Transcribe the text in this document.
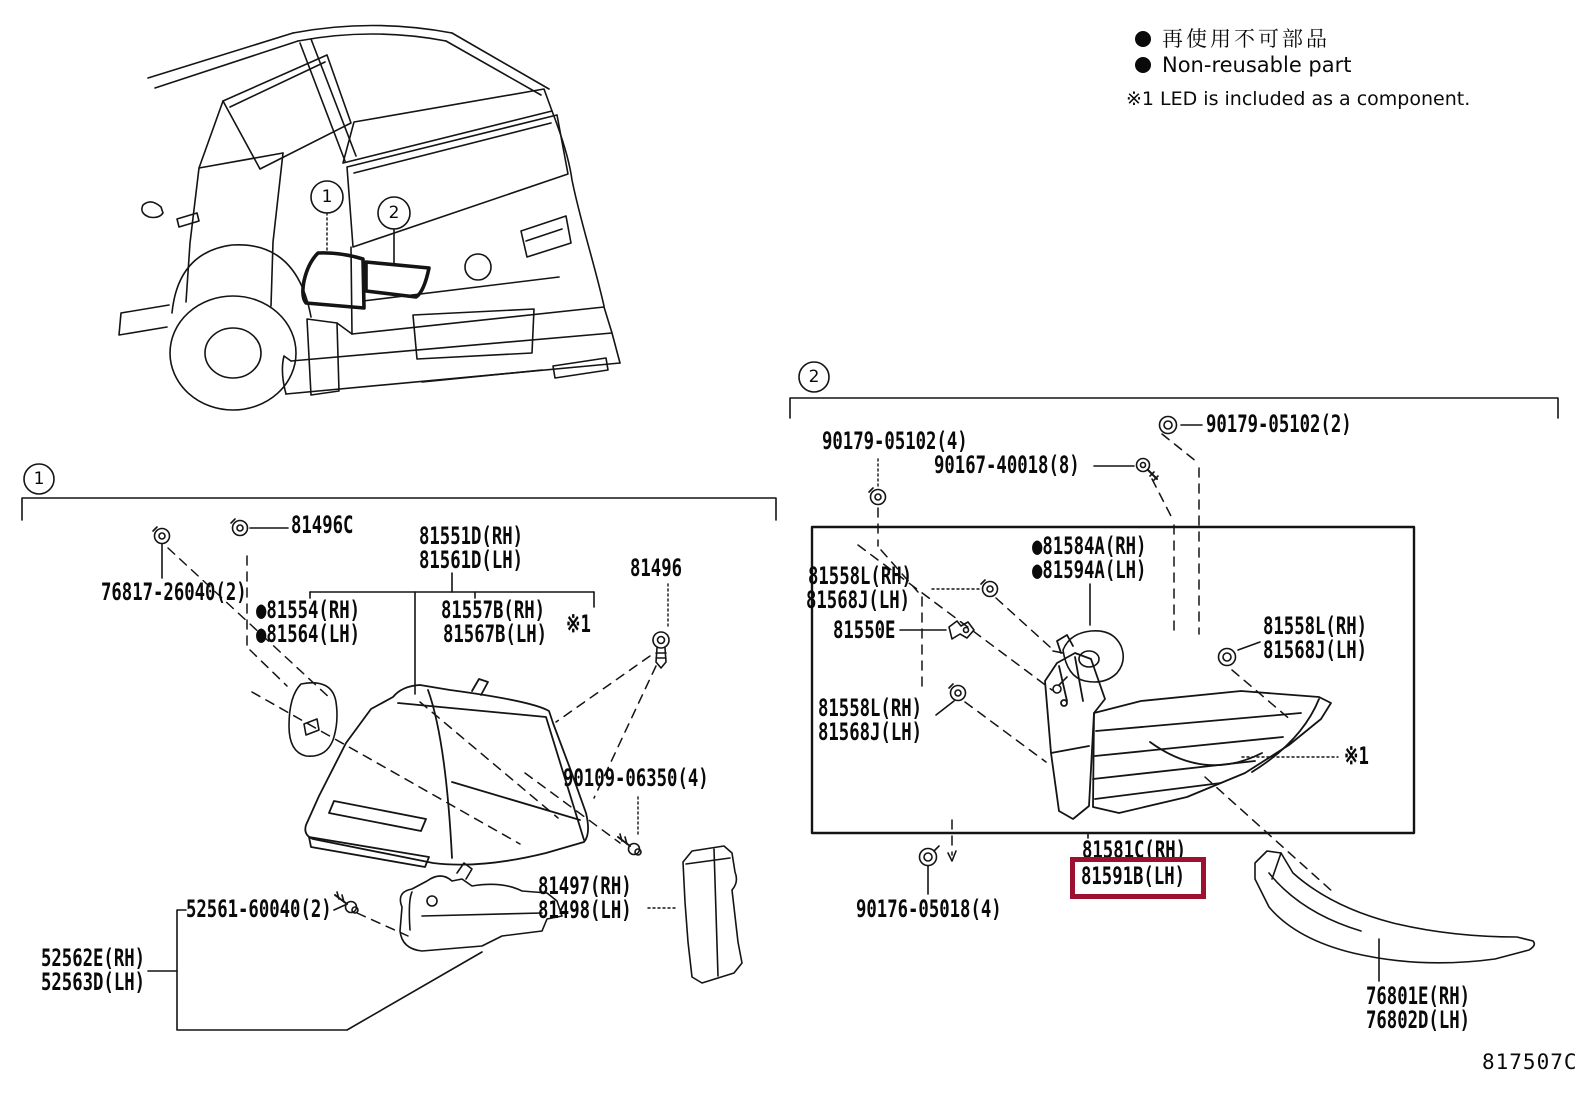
再使用不可部品
Non-reusable part
※1 LED is included as a component.
1
2
1
2
81496C
76817-26040(2)
81551D(RH)
81561D(LH)
●81554(RH)
●81564(LH)
81557B(RH)
81567B(LH) ※1
81496
90109-06350(4)
81497(RH)
81498(LH)
52561-60040(2)
52562E(RH)
52563D(LH)
90179-05102(4)
90167-40018(8)
90179-05102(2)
81558L(RH)
81568J(LH)
81550E
●81584A(RH)
●81594A(LH)
81558L(RH)
81568J(LH)
81558L(RH)
81568J(LH)
※1
81581C(RH)
81591B(LH)
90176-05018(4)
76801E(RH)
76802D(LH)
817507C
